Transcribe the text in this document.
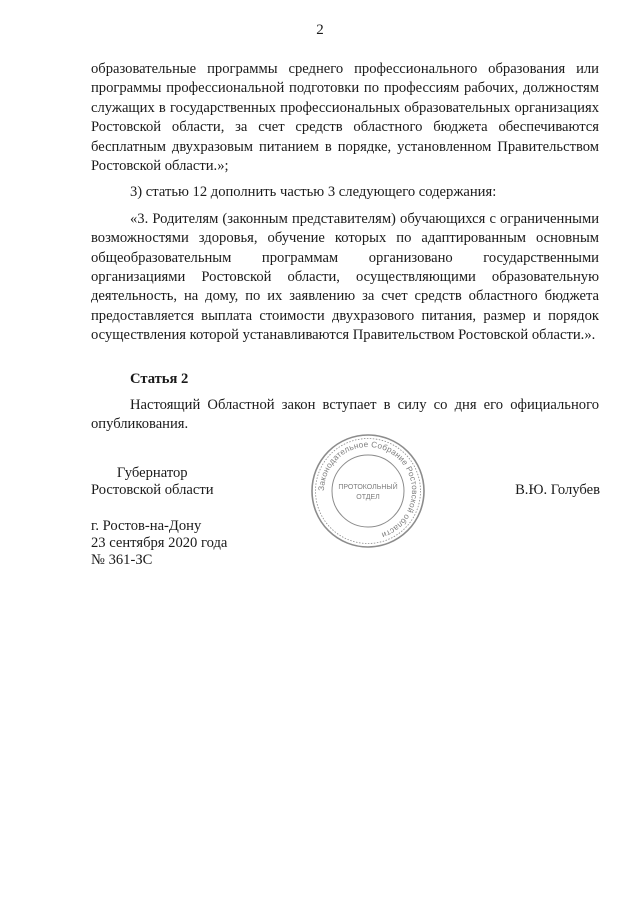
2

образовательные программы среднего профессионального образования или программы профессиональной подготовки по профессиям рабочих, должностям служащих в государственных профессиональных образовательных организациях Ростовской области, за счет средств областного бюджета обеспечиваются бесплатным двухразовым питанием в порядке, установленном Правительством Ростовской области.»;

3) статью 12 дополнить частью 3 следующего содержания:

«3. Родителям (законным представителям) обучающихся с ограниченными возможностями здоровья, обучение которых по адаптированным основным общеобразовательным программам организовано государственными организациями Ростовской области, осуществляющими образовательную деятельность, на дому, по их заявлению за счет средств областного бюджета предоставляется выплата стоимости двухразового питания, размер и порядок осуществления которой устанавливаются Правительством Ростовской области.».

Статья 2

Настоящий Областной закон вступает в силу со дня его официального опубликования.

Губернатор
Ростовской области	В.Ю. Голубев
г. Ростов-на-Дону
23 сентября 2020 года
№ 361-ЗС
Законодательное Собрание Ростовской области
ПРОТОКОЛЬНЫЙ
ОТДЕЛ
